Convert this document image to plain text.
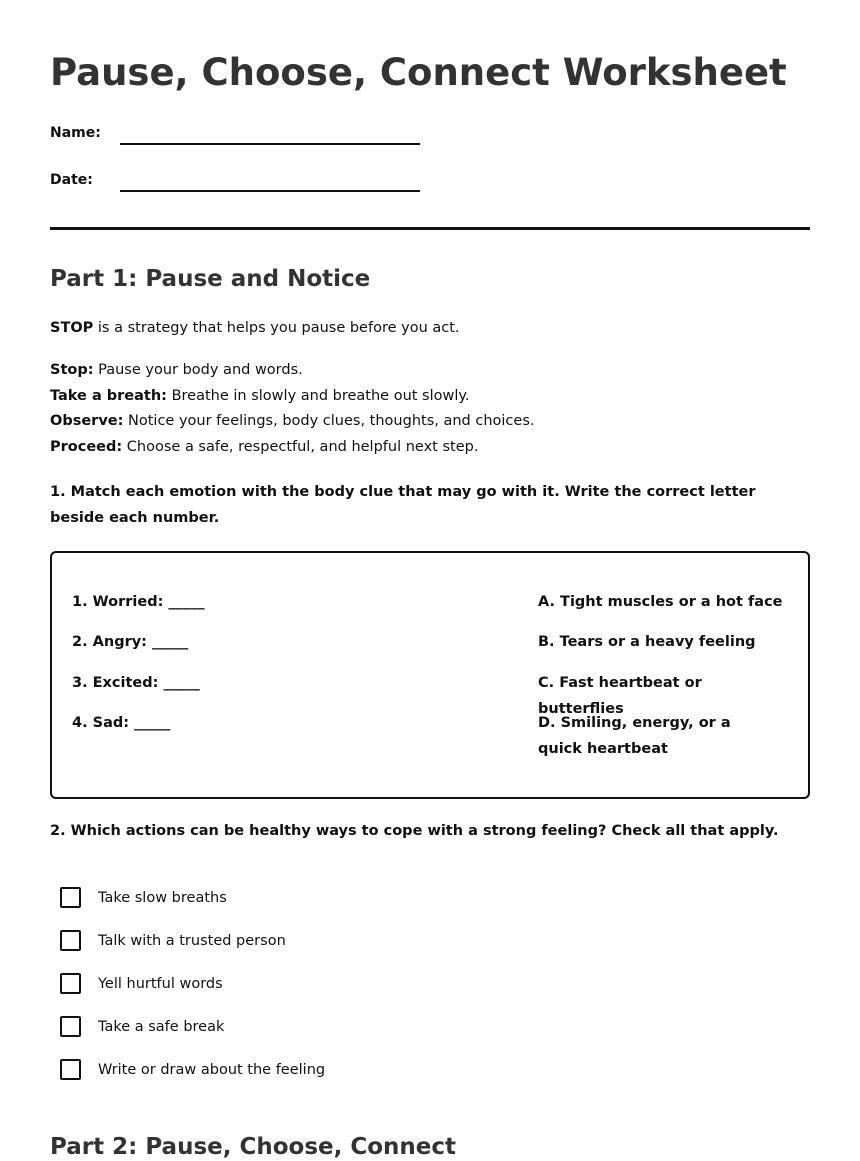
Pause, Choose, Connect Worksheet
Name:
Date:
Part 1: Pause and Notice
STOP is a strategy that helps you pause before you act.
Stop: Pause your body and words.
Take a breath: Breathe in slowly and breathe out slowly.
Observe: Notice your feelings, body clues, thoughts, and choices.
Proceed: Choose a safe, respectful, and helpful next step.
1. Match each emotion with the body clue that may go with it. Write the correct letter beside each number.
1. Worried: _____
2. Angry: _____
3. Excited: _____
4. Sad: _____
A. Tight muscles or a hot face
B. Tears or a heavy feeling
C. Fast heartbeat or butterflies
D. Smiling, energy, or a quick heartbeat
2. Which actions can be healthy ways to cope with a strong feeling? Check all that apply.
Take slow breaths
Talk with a trusted person
Yell hurtful words
Take a safe break
Write or draw about the feeling
Part 2: Pause, Choose, Connect
